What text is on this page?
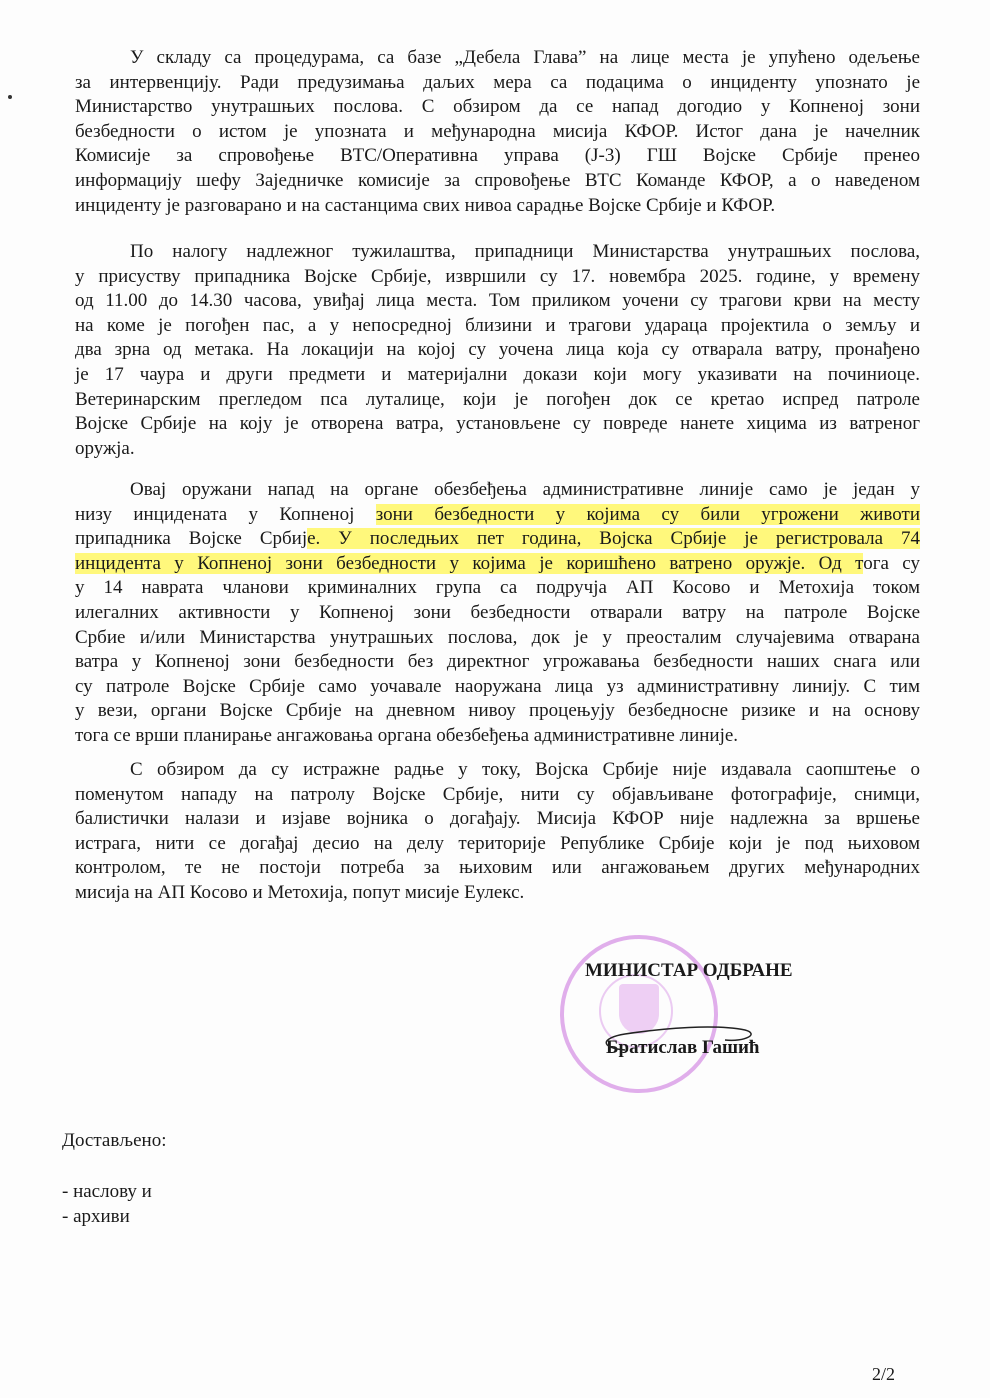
У складу са процедурама, са базе „Дебела Глава” на лице места је упућено одељење
за интервенцију. Ради предузимања даљих мера са подацима о инциденту упознато је
Министарство унутрашњих послова. С обзиром да се напад догодио у Копненој зони
безбедности о истом је упозната и међународна мисија КФОР. Истог дана је начелник
Комисије за спровођење ВТС/Оперативна управа (Ј-3) ГШ Војске Србије пренео
информацију шефу Заједничке комисије за спровођење ВТС Команде КФОР, а о наведеном
инциденту је разговарано и на састанцима свих нивоа сарадње Војске Србије и КФОР.
По налогу надлежног тужилаштва, припадници Министарства унутрашњих послова,
у присуству припадника Војске Србије, извршили су 17. новембра 2025. године, у времену
од 11.00 до 14.30 часова, увиђај лица места. Том приликом уочени су трагови крви на месту
на коме је погођен пас, а у непосредној близини и трагови ударaца пројектила о земљу и
два зрна од метака. На локацији на којој су уочена лица која су отварала ватру, пронађено
је 17 чаура и други предмети и материјални докази који могу указивати на починиоце.
Ветеринарским прегледом пса луталице, који је погођен док се кретао испред патроле
Војске Србије на коју је отворена ватра, установљене су повреде нанете хицима из ватреног
оружја.
Овај оружани напад на органе обезбеђења административне линије само је један у
низу инцидената у Копненој зони безбедности у којима су били угрожени животи
припадника Војске Србије. У последњих пет година, Војска Србије је регистровала 74
инцидента у Копненој зони безбедности у којима је коришћено ватрено оружје. Од тога су
у 14 наврата чланови криминалних група са подручја АП Косово и Метохија током
илегалних активности у Копненој зони безбедности отварали ватру на патроле Војске
Србие и/или Министарства унутрашњих послова, док је у преосталим случајевима отварана
ватра у Копненој зони безбедности без директног угрожавања безбедности наших снага или
су патроле Војске Србије само уочавале наоружана лица уз административну линију. С тим
у вези, органи Војске Србије на дневном нивоу процењују безбедносне ризике и на основу
тога се врши планирање ангажовања органа обезбеђења административне линије.
С обзиром да су истражне радње у току, Војска Србије није издавала саопштење о
поменутом нападу на патролу Војске Србије, нити су објављиване фотографије, снимци,
балистички налази и изјаве војника о догађају. Мисија КФОР није надлежна за вршење
истрага, нити се догађај десио на делу територије Републике Србије који је под њиховом
контролом, те не постоји потреба за њиховим или ангажовањем других међународних
мисија на АП Косово и Метохија, попут мисије Еулекс.
МИНИСТАР ОДБРАНЕ
Братислав Гашић
Достављено:
- наслову и
- архиви
2/2
